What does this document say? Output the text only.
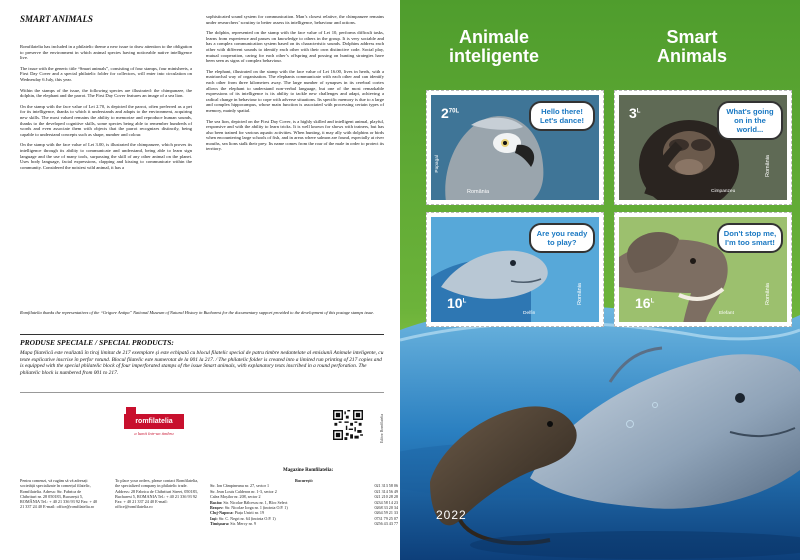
SMART ANIMALS

Romfilatelia has included in a philatelic theme a new issue to draw attention to the obligation to preserve the environment in which animal species having noticeable native intelligence live.

The issue with the generic title “Smart animals”, consisting of four stamps, four minisheets, a First Day Cover and a special philatelic folder for collectors, will enter into circulation on Wednesday 6 July, this year.

Within the stamps of the issue, the following species are illustrated: the chimpanzee, the dolphin, the elephant and the parrot. The First Day Cover features an image of a sea lion.

On the stamp with the face value of Lei 2.70, is depicted the parrot, often preferred as a pet for its intelligence, thanks to which it understands and adapts to the environment, acquiring new skills. The most valued remains the ability to memorize and reproduce human sounds, thanks to the developed cognitive skills, some species being able to remember hundreds of words and even associate them with objects that the parrot recognizes distinctly, being capable to understand concepts such as shape, number and colour.

On the stamp with the face value of Lei 3.00, is illustrated the chimpanzee, which proves its intelligence through its ability to communicate and understand, being able to learn sign language and the use of many tools, surpassing the skill of any other animal on the planet. Uses body language, facial expressions, clapping and kissing to communicate within the community. Considered the noisiest wild animal, it has a

sophisticated sound system for communication. Man’s closest relative, the chimpanzee remains under researchers’ scrutiny to better assess its intelligence, behaviour and actions.

The dolphin, represented on the stamp with the face value of Lei 10, performs difficult tasks, learns from experience and passes on knowledge to others in the group. It is very sociable and has a complex communication system based on its characteristic sounds. Dolphins address each other with different sounds to identify each other with their own distinctive code. Social play, mutual cooperation, caring for each other’s offspring and possing on hunting strategies have been seen as signs of complex behaviour.

The elephant, illustrated on the stamp with the face value of Lei 16.00, lives in herds, with a matriarchal way of organisation. The elephants communicate with each other and can identify each other from three kilometres away. The large number of synapses in its cerebral cortex allows the elephant to understand non-verbal language, but one of the most remarkable expressions of its intelligence is its ability to tackle new challenges and adapt, achieving a radical change in behaviour to cope with adverse situations. Its specific memory is due to a large and complex hippocampus, whose main function is associated with processing certain types of memory, mainly spatial.

The sea lion, depicted on the First Day Cover, is a highly skilled and intelligent animal, playful, responsive and with the ability to learn tricks. It is well known for shows with trainers, but has also been trained for various aquatic activities. When hunting, it may ally with dolphins or birds when encountering large schools of fish, and in areas where salmon are found, especially at river mouths, sea lions stalk their prey. Its name comes from the roar of the male in order to protect its territory.

Romfilatelia thanks the representatives of the “Grigore Antipa” National Museum of Natural History in Bucharest for the documentary support provided to the development of this postage stamps issue.
PRODUSE SPECIALE / SPECIAL PRODUCTS:
Mapa filatelică este realizată în tiraj limitat de 217 exemplare și este echipată cu blocul filatelic special de patru timbre nedantelate al emisiunii Animale inteligente, cu texte explicative inscrise în perfor rotund. Blocul filatelic este numerotat de la 001 la 217. / The philatelic folder is created into a limited run printing of 217 copies and is equipped with the special philatelic block of four imperforated stamps of the issue Smart animals, with explanatory texts inscribed in a round perforation. The philatelic block is numbered from 001 to 217.
romfilatelia
a lumii într-un timbru	Editor: Romfilatelia
Magazine Romfilatelia:
Pentru comenzi, vă rugăm să vă adresați societății specializate în comerțul filatelic, Romfilatelia. Adresa: Str. Fabrica de Chibrituri nr. 28 050183, București 5, ROMÂNIA Tel.: + 40 21 336 93 92 Fax: + 40 21 337 24 40 E-mail: office@romfilatelia.ro
To place your orders, please contact Romfilatelia, the specialized company in philatelic trade. Address: 28 Fabrica de Chibrituri Street, 050183, Bucharest 5, ROMANIA Tel.: + 40 21 336 93 92 Fax: + 40 21 337 24 40 E-mail: office@romfilatelia.ro
București:
Str. Ion Câmpineanu nr. 27, sector 1	021 313 58 06
Str. Jean Louis Calderon nr. 1-3, sector 2	021 314 56 49
Calea Moșilor nr. 208, sector 2	021 210 28 28
Bacău: Str. Nicolae Bălcescu nr. 1, Bloc Select	0234 58 14 23
Brașov: Str. Nicolae Iorga nr. 1 (incinta O.P. 1)	0268 33 20 34
Cluj-Napoca: Piața Unirii nr. 19	0264 59 21 33
Iași: Str. C. Negri nr. 64 (incinta O.P. 1)	0731 79 25 07
Timișoara: Str. Mercy nr. 9	0256 43 43 77
Animale inteligente
Smart Animals
$2^{70L}$	Hello there! Let's dance!
Papagal
România
$3^L$	What's going on in the world...
Cimpanzeu
România
$10^L$
Are you ready to play?
Delfin
România	$16^L$
Don't stop me, I'm too smart!
Elefant
România
2022
